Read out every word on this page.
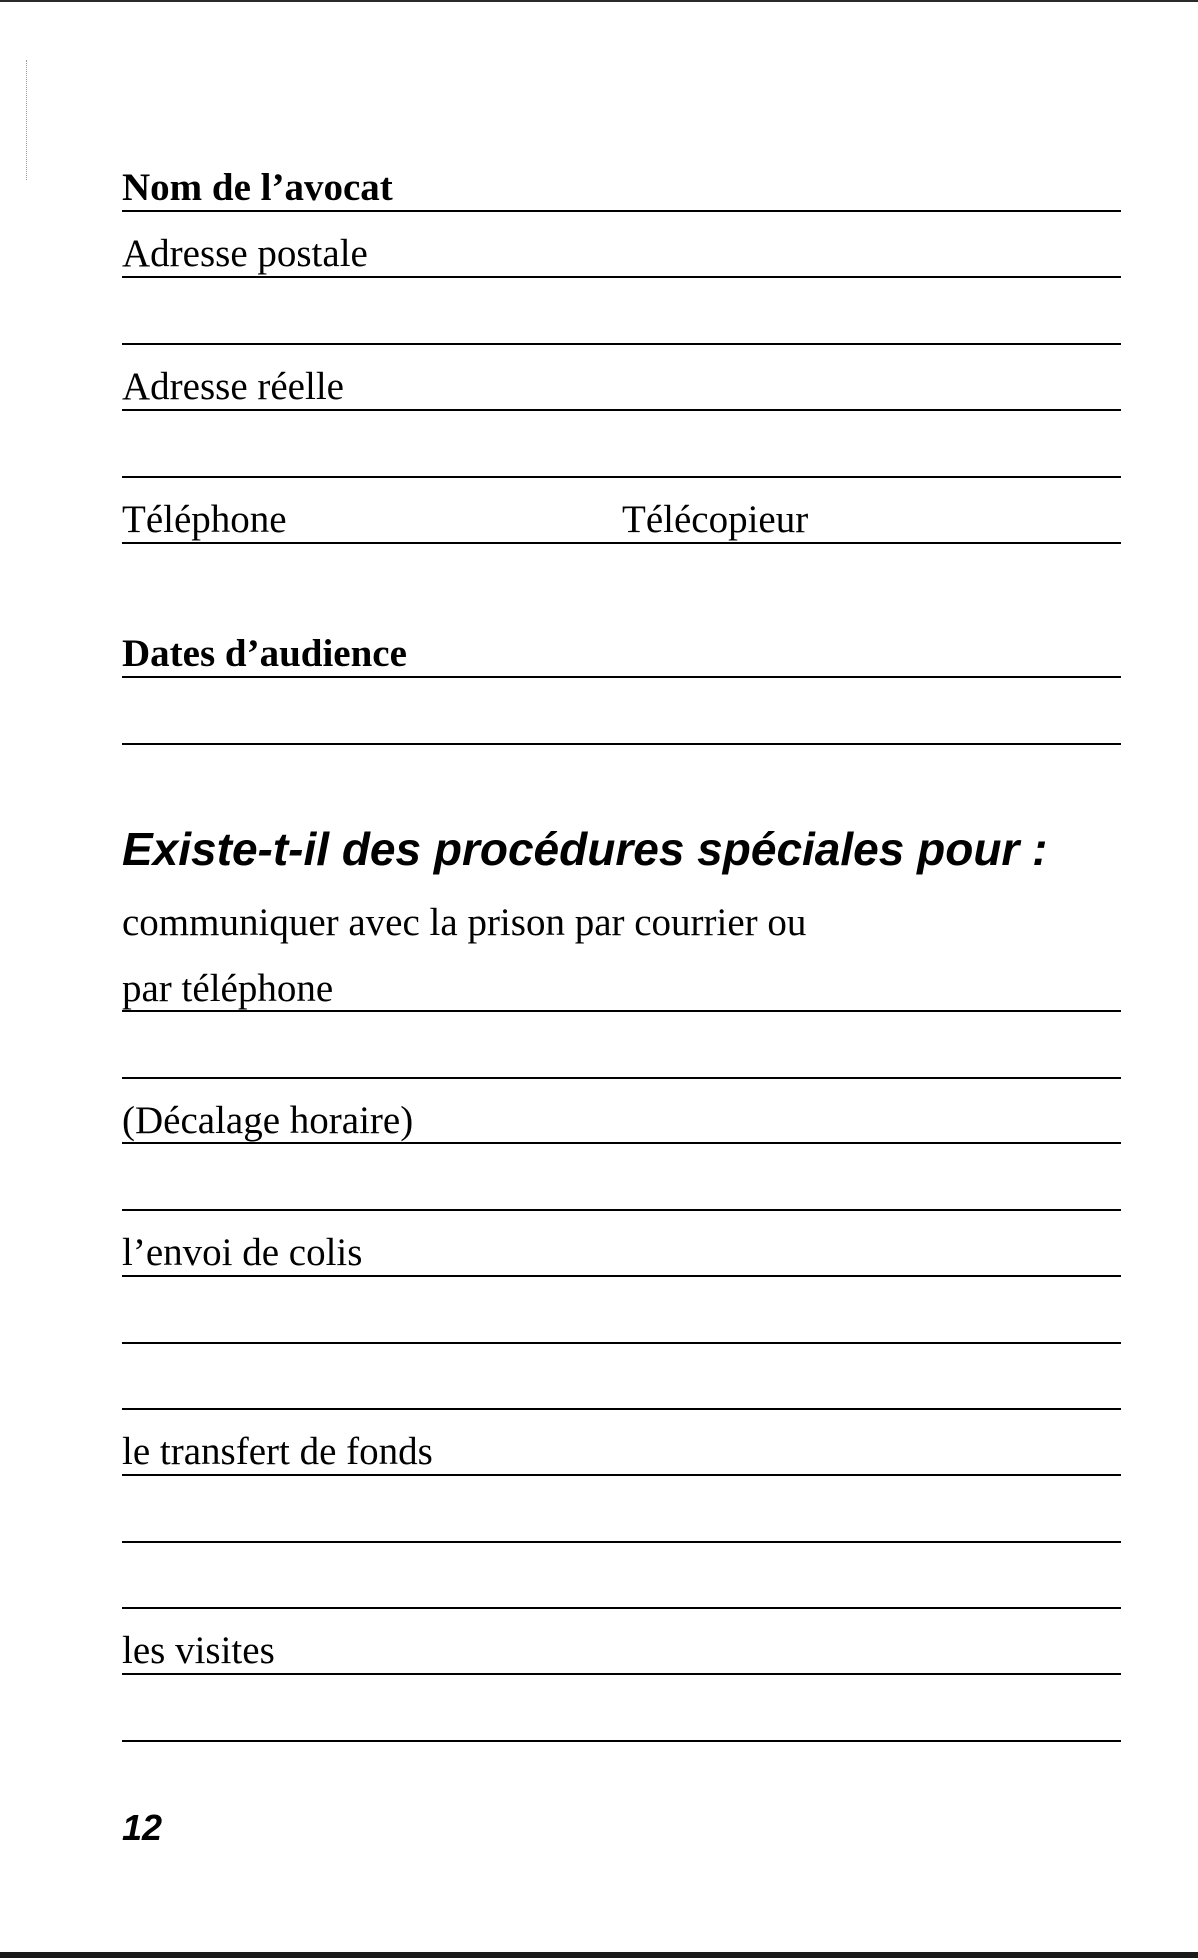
Nom de l’avocat
Adresse postale
Adresse réelle
Téléphone	Télécopieur
Dates d’audience
Existe-t-il des procédures spéciales pour :
communiquer avec la prison par courrier ou
par téléphone
(Décalage horaire)
l’envoi de colis
le transfert de fonds
les visites
12
